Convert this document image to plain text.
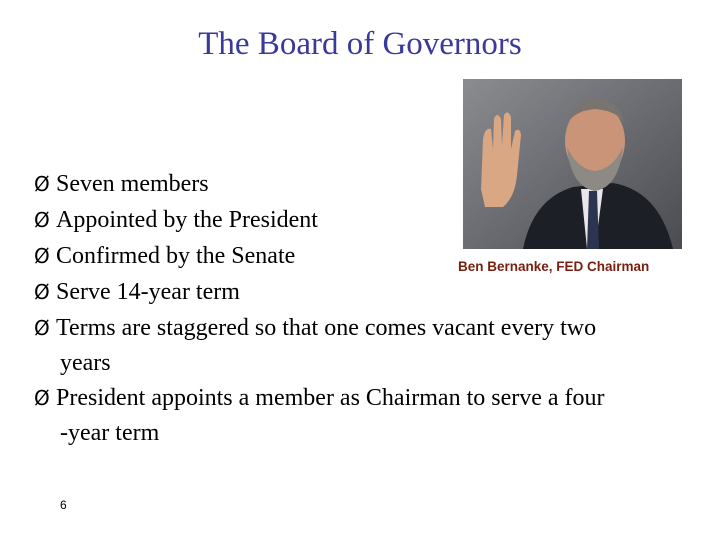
The Board of Governors
Ben Bernanke, FED Chairman
Ø Seven members
Ø Appointed by the President
Ø Confirmed by the Senate
Ø Serve 14-year term
Ø Terms are staggered so that one comes vacant every two
years
Ø President appoints a member as Chairman to serve a four
-year term
6
